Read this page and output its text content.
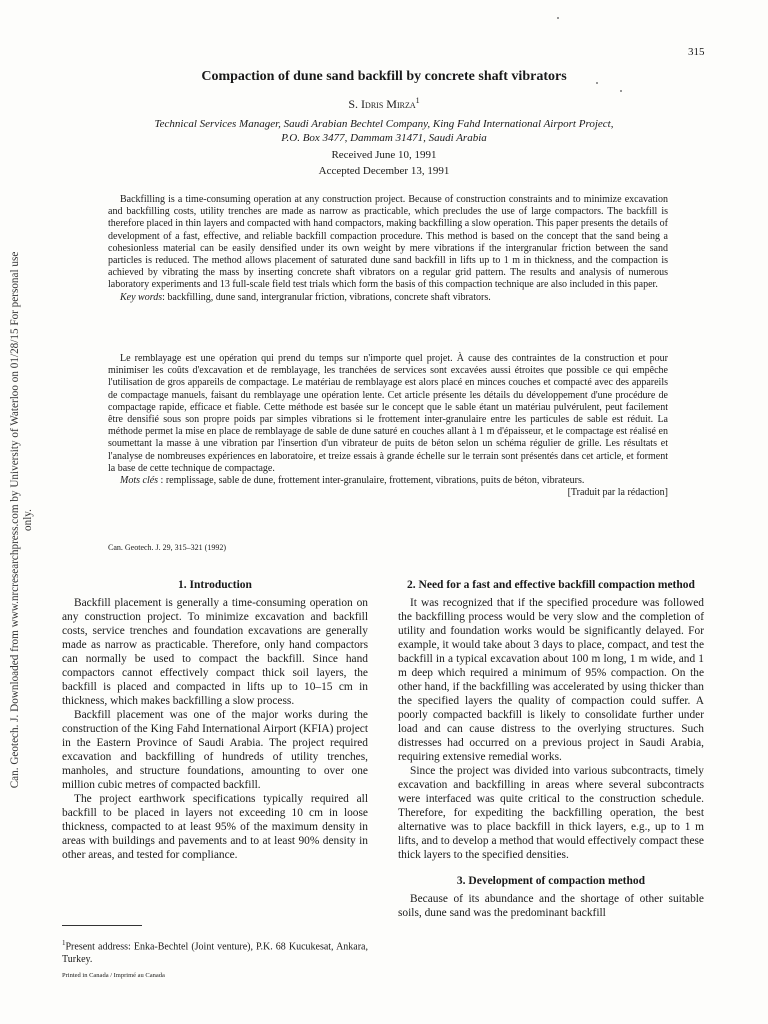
Can. Geotech. J. Downloaded from www.nrcresearchpress.com by University of Waterloo on 01/28/15 For personal use only.
315
Compaction of dune sand backfill by concrete shaft vibrators
S. Idris Mirza$^1$
Technical Services Manager, Saudi Arabian Bechtel Company, King Fahd International Airport Project,
P.O. Box 3477, Dammam 31471, Saudi Arabia
Received June 10, 1991
Accepted December 13, 1991

Backfilling is a time-consuming operation at any construction project. Because of construction constraints and to minimize excavation and backfilling costs, utility trenches are made as narrow as practicable, which precludes the use of large compactors. The backfill is therefore placed in thin layers and compacted with hand compactors, making backfilling a slow operation. This paper presents the details of development of a fast, effective, and reliable backfill compaction procedure. This method is based on the concept that the sand being a cohesionless material can be easily densified under its own weight by mere vibrations if the intergranular friction between the sand particles is reduced. The method allows placement of saturated dune sand backfill in lifts up to 1 m in thickness, and the compaction is achieved by vibrating the mass by inserting concrete shaft vibrators on a regular grid pattern. The results and analysis of numerous laboratory experiments and 13 full-scale field test trials which form the basis of this compaction technique are also included in this paper.

Key words: backfilling, dune sand, intergranular friction, vibrations, concrete shaft vibrators.

Le remblayage est une opération qui prend du temps sur n'importe quel projet. À cause des contraintes de la construction et pour minimiser les coûts d'excavation et de remblayage, les tranchées de services sont excavées aussi étroites que possible ce qui empêche l'utilisation de gros appareils de compactage. Le matériau de remblayage est alors placé en minces couches et compacté avec des appareils de compactage manuels, faisant du remblayage une opération lente. Cet article présente les détails du développement d'une procédure de compactage rapide, efficace et fiable. Cette méthode est basée sur le concept que le sable étant un matériau pulvérulent, peut facilement être densifié sous son propre poids par simples vibrations si le frottement inter-granulaire entre les particules de sable est réduit. La méthode permet la mise en place de remblayage de sable de dune saturé en couches allant à 1 m d'épaisseur, et le compactage est réalisé en soumettant la masse à une vibration par l'insertion d'un vibrateur de puits de béton selon un schéma régulier de grille. Les résultats et l'analyse de nombreuses expériences en laboratoire, et treize essais à grande échelle sur le terrain sont présentés dans cet article, et forment la base de cette technique de compactage.

Mots clés : remplissage, sable de dune, frottement inter-granulaire, frottement, vibrations, puits de béton, vibrateurs.

[Traduit par la rédaction]

Can. Geotech. J. 29, 315–321 (1992)
1. Introduction

Backfill placement is generally a time-consuming operation on any construction project. To minimize excavation and backfill costs, service trenches and foundation excavations are generally made as narrow as practicable. Therefore, only hand compactors can normally be used to compact the backfill. Since hand compactors cannot effectively compact thick soil layers, the backfill is placed and compacted in lifts up to 10–15 cm in thickness, which makes backfilling a slow process.

Backfill placement was one of the major works during the construction of the King Fahd International Airport (KFIA) project in the Eastern Province of Saudi Arabia. The project required excavation and backfilling of hundreds of utility trenches, manholes, and structure foundations, amounting to over one million cubic metres of compacted backfill.

The project earthwork specifications typically required all backfill to be placed in layers not exceeding 10 cm in loose thickness, compacted to at least 95% of the maximum density in areas with buildings and pavements and to at least 90% density in other areas, and tested for compliance.

2. Need for a fast and effective backfill compaction method

It was recognized that if the specified procedure was followed the backfilling process would be very slow and the completion of utility and foundation works would be significantly delayed. For example, it would take about 3 days to place, compact, and test the backfill in a typical excavation about 100 m long, 1 m wide, and 1 m deep which required a minimum of 95% compaction. On the other hand, if the backfilling was accelerated by using thicker than the specified layers the quality of compaction could suffer. A poorly compacted backfill is likely to consolidate further under load and can cause distress to the overlying structures. Such distresses had occurred on a previous project in Saudi Arabia, requiring extensive remedial works.

Since the project was divided into various subcontracts, timely excavation and backfilling in areas where several subcontracts were interfaced was quite critical to the construction schedule. Therefore, for expediting the backfilling operation, the best alternative was to place backfill in thick layers, e.g., up to 1 m lifts, and to develop a method that would effectively compact these thick layers to the specified densities.

3. Development of compaction method

Because of its abundance and the shortage of other suitable soils, dune sand was the predominant backfill

$^1$Present address: Enka-Bechtel (Joint venture), P.K. 68 Kucukesat, Ankara, Turkey.
Printed in Canada / Imprimé au Canada
